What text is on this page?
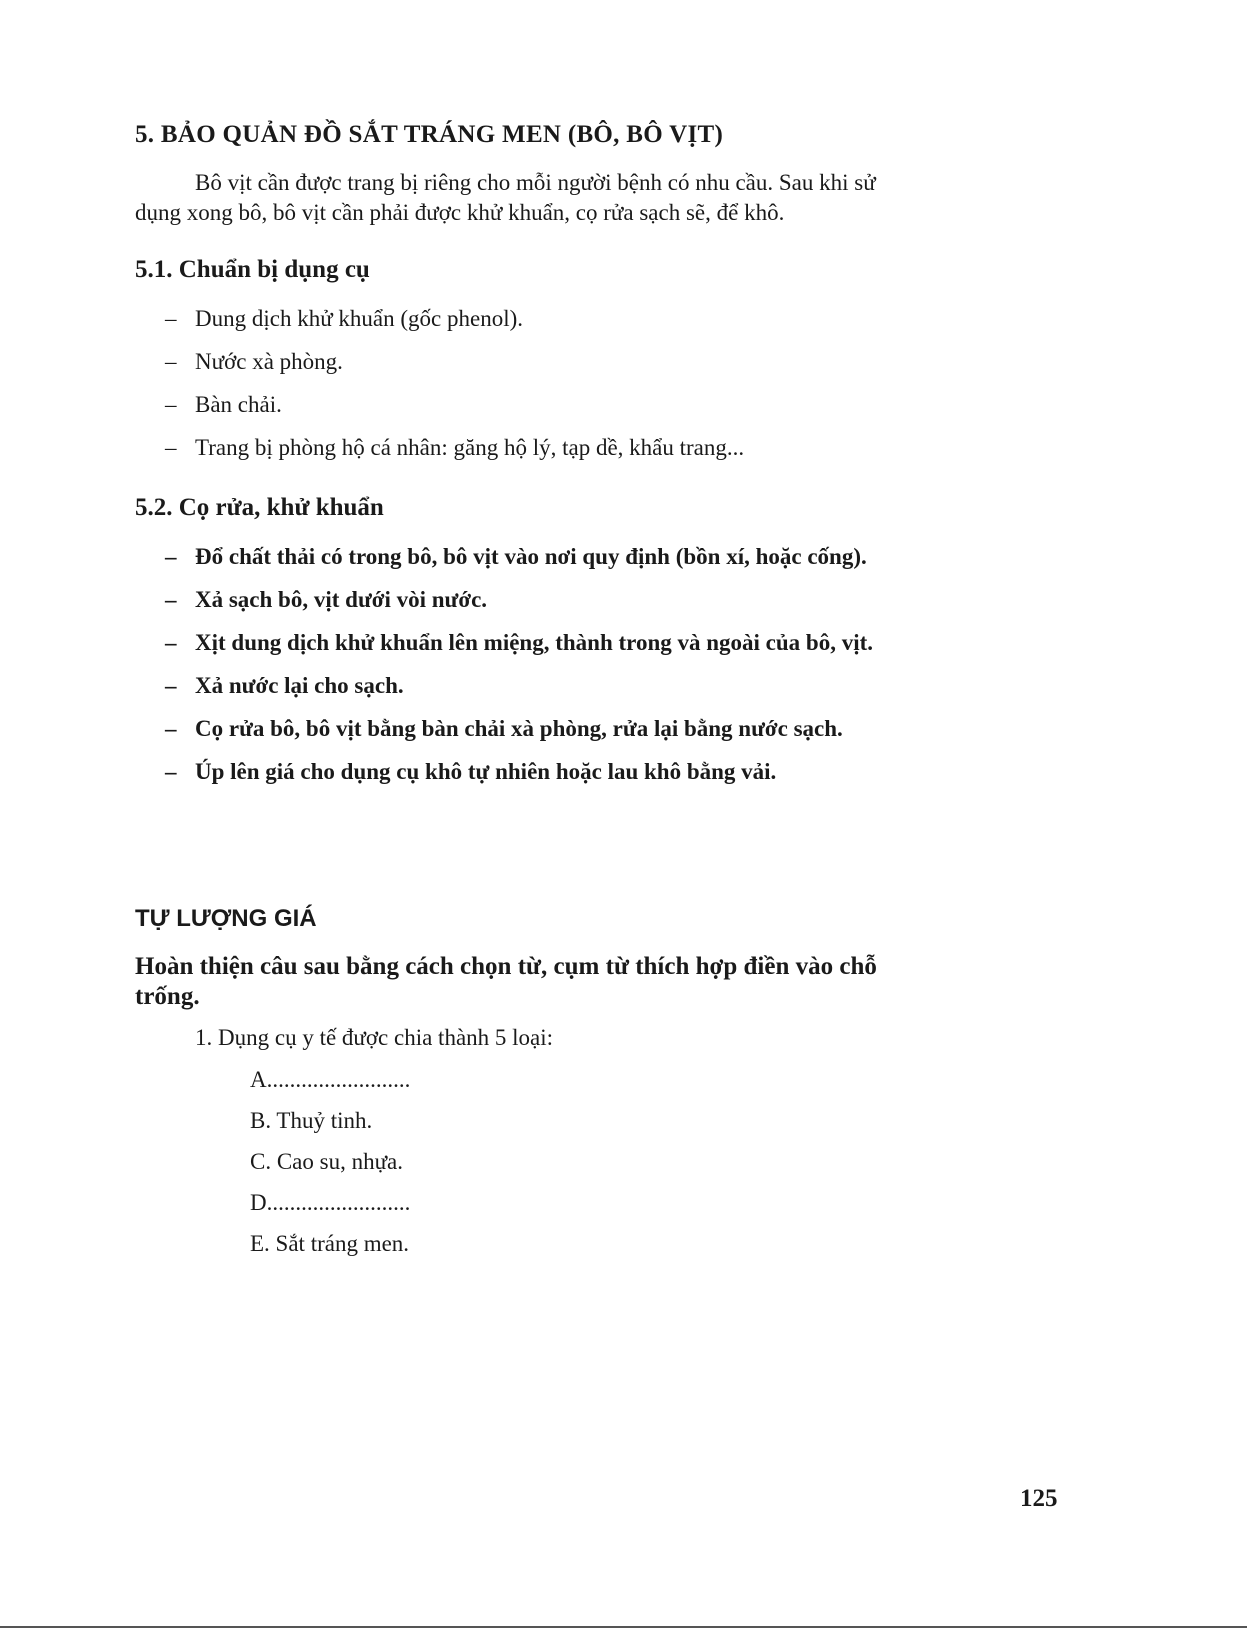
5. BẢO QUẢN ĐỒ SẮT TRÁNG MEN (BÔ, BÔ VỊT)
Bô vịt cần được trang bị riêng cho mỗi người bệnh có nhu cầu. Sau khi sử
dụng xong bô, bô vịt cần phải được khử khuẩn, cọ rửa sạch sẽ, để khô.
5.1. Chuẩn bị dụng cụ
– Dung dịch khử khuẩn (gốc phenol).
– Nước xà phòng.
– Bàn chải.
– Trang bị phòng hộ cá nhân: găng hộ lý, tạp dề, khẩu trang...
5.2. Cọ rửa, khử khuẩn
– Đổ chất thải có trong bô, bô vịt vào nơi quy định (bồn xí, hoặc cống).
– Xả sạch bô, vịt dưới vòi nước.
– Xịt dung dịch khử khuẩn lên miệng, thành trong và ngoài của bô, vịt.
– Xả nước lại cho sạch.
– Cọ rửa bô, bô vịt bằng bàn chải xà phòng, rửa lại bằng nước sạch.
– Úp lên giá cho dụng cụ khô tự nhiên hoặc lau khô bằng vải.
TỰ LƯỢNG GIÁ
Hoàn thiện câu sau bằng cách chọn từ, cụm từ thích hợp điền vào chỗ
trống.
1. Dụng cụ y tế được chia thành 5 loại:
A.........................
B. Thuỷ tinh.
C. Cao su, nhựa.
D.........................
E. Sắt tráng men.
125
